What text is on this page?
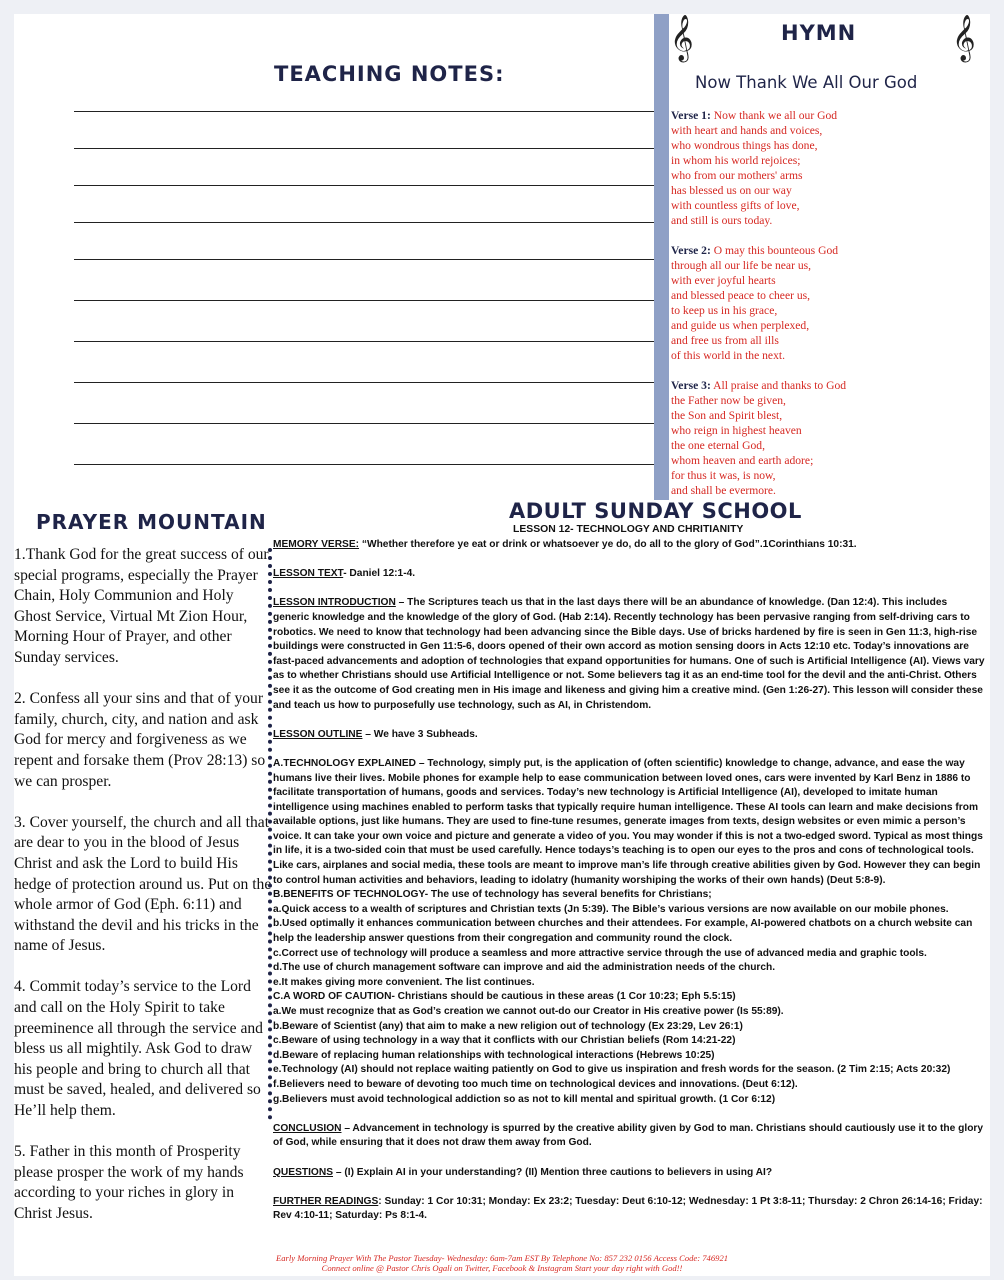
TEACHING NOTES:
𝄞	𝄞
HYMN
Now Thank We All Our God
Verse 1: Now thank we all our God
with heart and hands and voices,
who wondrous things has done,
in whom his world rejoices;
who from our mothers' arms
has blessed us on our way
with countless gifts of love,
and still is ours today.
Verse 2: O may this bounteous God
through all our life be near us,
with ever joyful hearts
and blessed peace to cheer us,
to keep us in his grace,
and guide us when perplexed,
and free us from all ills
of this world in the next.
Verse 3: All praise and thanks to God
the Father now be given,
the Son and Spirit blest,
who reign in highest heaven
the one eternal God,
whom heaven and earth adore;
for thus it was, is now,
and shall be evermore.
PRAYER MOUNTAIN
1.Thank God for the great success of our special programs, especially the Prayer Chain, Holy Communion and Holy Ghost Service, Virtual Mt Zion Hour, Morning Hour of Prayer, and other Sunday services.
2. Confess all your sins and that of your family, church, city, and nation and ask God for mercy and forgiveness as we repent and forsake them (Prov 28:13) so we can prosper.
3. Cover yourself, the church and all that are dear to you in the blood of Jesus Christ and ask the Lord to build His hedge of protection around us. Put on the whole armor of God (Eph. 6:11) and withstand the devil and his tricks in the name of Jesus.
4. Commit today’s service to the Lord and call on the Holy Spirit to take preeminence all through the service and bless us all mightily. Ask God to draw his people and bring to church all that must be saved, healed, and delivered so He’ll help them.
5. Father in this month of Prosperity please prosper the work of my hands according to your riches in glory in Christ Jesus.
ADULT SUNDAY SCHOOL
LESSON 12- TECHNOLOGY AND CHRITIANITY

MEMORY VERSE: “Whether therefore ye eat or drink or whatsoever ye do, do all to the glory of God”.1Corinthians 10:31.

LESSON TEXT- Daniel 12:1-4.

LESSON INTRODUCTION – The Scriptures teach us that in the last days there will be an abundance of knowledge. (Dan 12:4). This includes generic knowledge and the knowledge of the glory of God. (Hab 2:14). Recently technology has been pervasive ranging from self-driving cars to robotics. We need to know that technology had been advancing since the Bible days. Use of bricks hardened by fire is seen in Gen 11:3, high-rise buildings were constructed in Gen 11:5-6, doors opened of their own accord as motion sensing doors in Acts 12:10 etc. Today’s innovations are fast-paced advancements and adoption of technologies that expand opportunities for humans. One of such is Artificial Intelligence (AI). Views vary as to whether Christians should use Artificial Intelligence or not. Some believers tag it as an end-time tool for the devil and the anti-Christ. Others see it as the outcome of God creating men in His image and likeness and giving him a creative mind. (Gen 1:26-27). This lesson will consider these and teach us how to purposefully use technology, such as AI, in Christendom.

LESSON OUTLINE – We have 3 Subheads.

A.TECHNOLOGY EXPLAINED – Technology, simply put, is the application of (often scientific) knowledge to change, advance, and ease the way humans live their lives. Mobile phones for example help to ease communication between loved ones, cars were invented by Karl Benz in 1886 to facilitate transportation of humans, goods and services. Today’s new technology is Artificial Intelligence (AI), developed to imitate human intelligence using machines enabled to perform tasks that typically require human intelligence. These AI tools can learn and make decisions from available options, just like humans. They are used to fine-tune resumes, generate images from texts, design websites or even mimic a person’s voice. It can take your own voice and picture and generate a video of you. You may wonder if this is not a two-edged sword. Typical as most things in life, it is a two-sided coin that must be used carefully. Hence todays’s teaching is to open our eyes to the pros and cons of technological tools. Like cars, airplanes and social media, these tools are meant to improve man’s life through creative abilities given by God. However they can begin to control human activities and behaviors, leading to idolatry (humanity worshiping the works of their own hands) (Deut 5:8-9).
B.BENEFITS OF TECHNOLOGY- The use of technology has several benefits for Christians;
a.Quick access to a wealth of scriptures and Christian texts (Jn 5:39). The Bible’s various versions are now available on our mobile phones.
b.Used optimally it enhances communication between churches and their attendees. For example, AI-powered chatbots on a church website can help the leadership answer questions from their congregation and community round the clock.
c.Correct use of technology will produce a seamless and more attractive service through the use of advanced media and graphic tools.
d.The use of church management software can improve and aid the administration needs of the church.
e.It makes giving more convenient. The list continues.
C.A WORD OF CAUTION- Christians should be cautious in these areas (1 Cor 10:23; Eph 5.5:15)
a.We must recognize that as God’s creation we cannot out-do our Creator in His creative power (Is 55:89).
b.Beware of Scientist (any) that aim to make a new religion out of technology (Ex 23:29, Lev 26:1)
c.Beware of using technology in a way that it conflicts with our Christian beliefs (Rom 14:21-22)
d.Beware of replacing human relationships with technological interactions (Hebrews 10:25)
e.Technology (AI) should not replace waiting patiently on God to give us inspiration and fresh words for the season. (2 Tim 2:15; Acts 20:32)
f.Believers need to beware of devoting too much time on technological devices and innovations. (Deut 6:12).

g.Believers must avoid technological addiction so as not to kill mental and spiritual growth. (1 Cor 6:12)

CONCLUSION – Advancement in technology is spurred by the creative ability given by God to man. Christians should cautiously use it to the glory of God, while ensuring that it does not draw them away from God.

QUESTIONS – (I) Explain AI in your understanding? (II) Mention three cautions to believers in using AI?

FURTHER READINGS: Sunday: 1 Cor 10:31; Monday: Ex 23:2; Tuesday: Deut 6:10-12; Wednesday: 1 Pt 3:8-11; Thursday: 2 Chron 26:14-16; Friday: Rev 4:10-11; Saturday: Ps 8:1-4.

Early Morning Prayer With The Pastor Tuesday- Wednesday: 6am-7am EST By Telephone No: 857 232 0156 Access Code: 746921
Connect online @ Pastor Chris Ogali on Twitter, Facebook & Instagram Start your day right with God!!
